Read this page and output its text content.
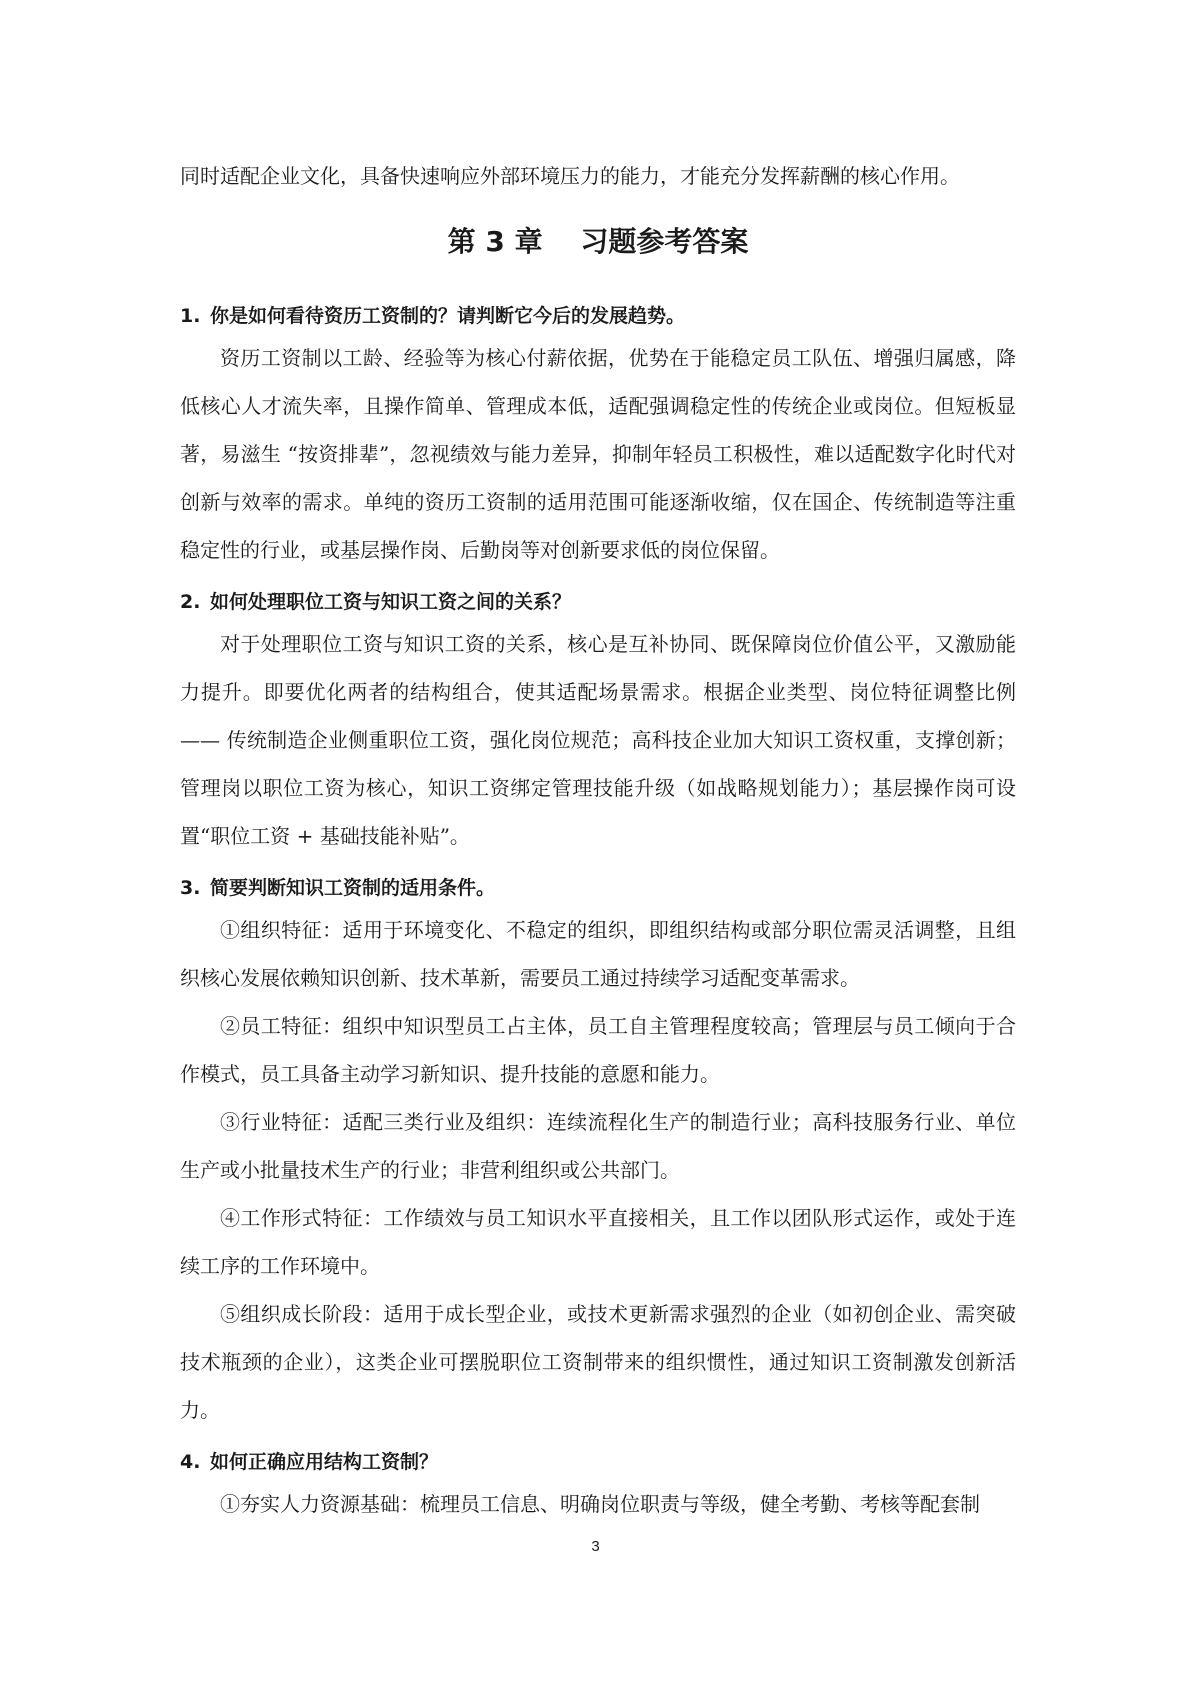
同时适配企业文化，具备快速响应外部环境压力的能力，才能充分发挥薪酬的核心作用。

第 3 章　 习题参考答案
1. 你是如何看待资历工资制的？请判断它今后的发展趋势。

资历工资制以工龄、经验等为核心付薪依据，优势在于能稳定员工队伍、增强归属感，降低核心人才流失率，且操作简单、管理成本低，适配强调稳定性的传统企业或岗位。但短板显著，易滋生 “按资排辈”，忽视绩效与能力差异，抑制年轻员工积极性，难以适配数字化时代对创新与效率的需求。单纯的资历工资制的适用范围可能逐渐收缩，仅在国企、传统制造等注重稳定性的行业，或基层操作岗、后勤岗等对创新要求低的岗位保留。

2. 如何处理职位工资与知识工资之间的关系？

对于处理职位工资与知识工资的关系，核心是互补协同、既保障岗位价值公平，又激励能力提升。即要优化两者的结构组合，使其适配场景需求。根据企业类型、岗位特征调整比例 —— 传统制造企业侧重职位工资，强化岗位规范；高科技企业加大知识工资权重，支撑创新；管理岗以职位工资为核心，知识工资绑定管理技能升级（如战略规划能力）；基层操作岗可设置“职位工资 + 基础技能补贴”。

3. 简要判断知识工资制的适用条件。

①组织特征：适用于环境变化、不稳定的组织，即组织结构或部分职位需灵活调整，且组织核心发展依赖知识创新、技术革新，需要员工通过持续学习适配变革需求。

②员工特征：组织中知识型员工占主体，员工自主管理程度较高；管理层与员工倾向于合作模式，员工具备主动学习新知识、提升技能的意愿和能力。

③行业特征：适配三类行业及组织：连续流程化生产的制造行业；高科技服务行业、单位生产或小批量技术生产的行业；非营利组织或公共部门。

④工作形式特征：工作绩效与员工知识水平直接相关，且工作以团队形式运作，或处于连续工序的工作环境中。

⑤组织成长阶段：适用于成长型企业，或技术更新需求强烈的企业（如初创企业、需突破技术瓶颈的企业），这类企业可摆脱职位工资制带来的组织惯性，通过知识工资制激发创新活力。

4. 如何正确应用结构工资制？

①夯实人力资源基础：梳理员工信息、明确岗位职责与等级，健全考勤、考核等配套制

3
